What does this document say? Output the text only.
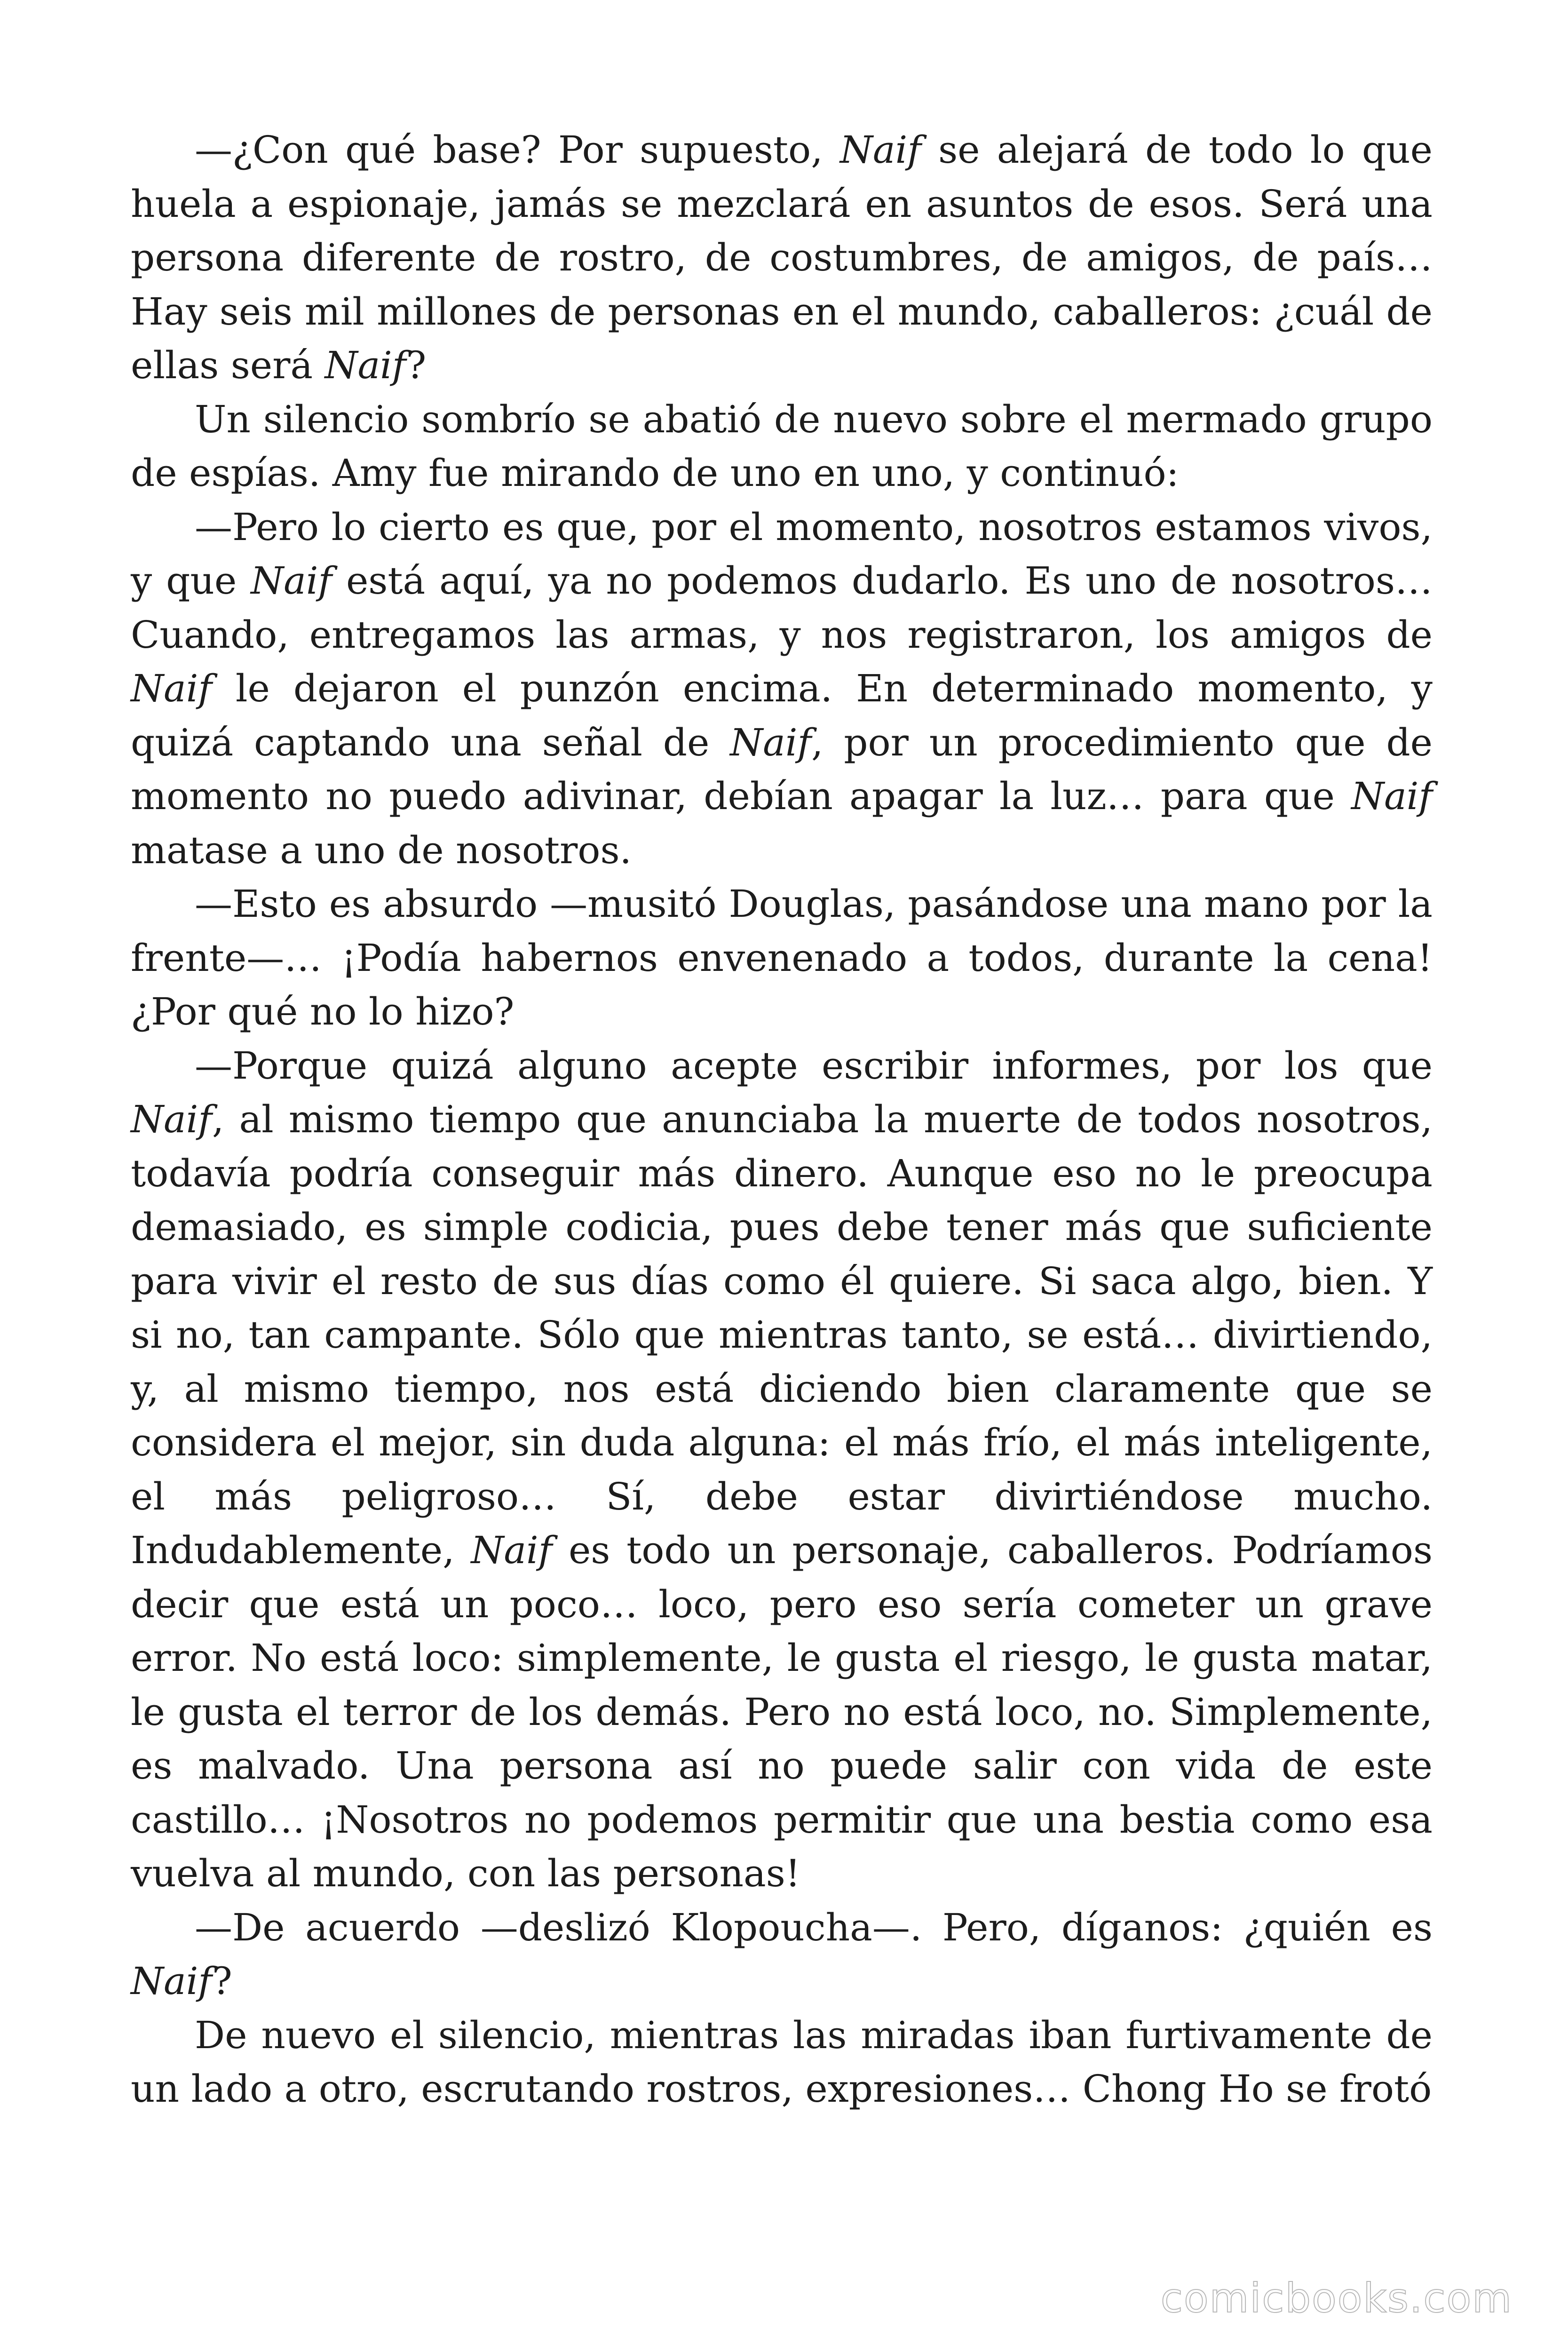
—¿Con qué base? Por supuesto, Naif se alejará de todo lo que huela a espionaje, jamás se mezclará en asuntos de esos. Será una persona diferente de rostro, de costumbres, de amigos, de país… Hay seis mil millones de personas en el mundo, caballeros: ¿cuál de ellas será Naif?

Un silencio sombrío se abatió de nuevo sobre el mermado grupo de espías. Amy fue mirando de uno en uno, y continuó:

—Pero lo cierto es que, por el momento, nosotros estamos vivos, y que Naif está aquí, ya no podemos dudarlo. Es uno de nosotros… Cuando, entregamos las armas, y nos registraron, los amigos de Naif le dejaron el punzón encima. En determinado momento, y quizá captando una señal de Naif, por un procedimiento que de momento no puedo adivinar, debían apagar la luz… para que Naif matase a uno de nosotros.

—Esto es absurdo —musitó Douglas, pasándose una mano por la frente—… ¡Podía habernos envenenado a todos, durante la cena! ¿Por qué no lo hizo?

—Porque quizá alguno acepte escribir informes, por los que Naif, al mismo tiempo que anunciaba la muerte de todos nosotros, todavía podría conseguir más dinero. Aunque eso no le preocupa demasiado, es simple codicia, pues debe tener más que suficiente para vivir el resto de sus días como él quiere. Si saca algo, bien. Y si no, tan campante. Sólo que mientras tanto, se está… divirtiendo, y, al mismo tiempo, nos está diciendo bien claramente que se considera el mejor, sin duda alguna: el más frío, el más inteligente, el más peligroso… Sí, debe estar divirtiéndose mucho. Indudablemente, Naif es todo un personaje, caballeros. Podríamos decir que está un poco… loco, pero eso sería cometer un grave error. No está loco: simplemente, le gusta el riesgo, le gusta matar, le gusta el terror de los demás. Pero no está loco, no. Simplemente, es malvado. Una persona así no puede salir con vida de este castillo… ¡Nosotros no podemos permitir que una bestia como esa vuelva al mundo, con las personas!

—De acuerdo —deslizó Klopoucha—. Pero, díganos: ¿quién es Naif?

De nuevo el silencio, mientras las miradas iban furtivamente de un lado a otro, escrutando rostros, expresiones… Chong Ho se frotó

comicbooks.com
